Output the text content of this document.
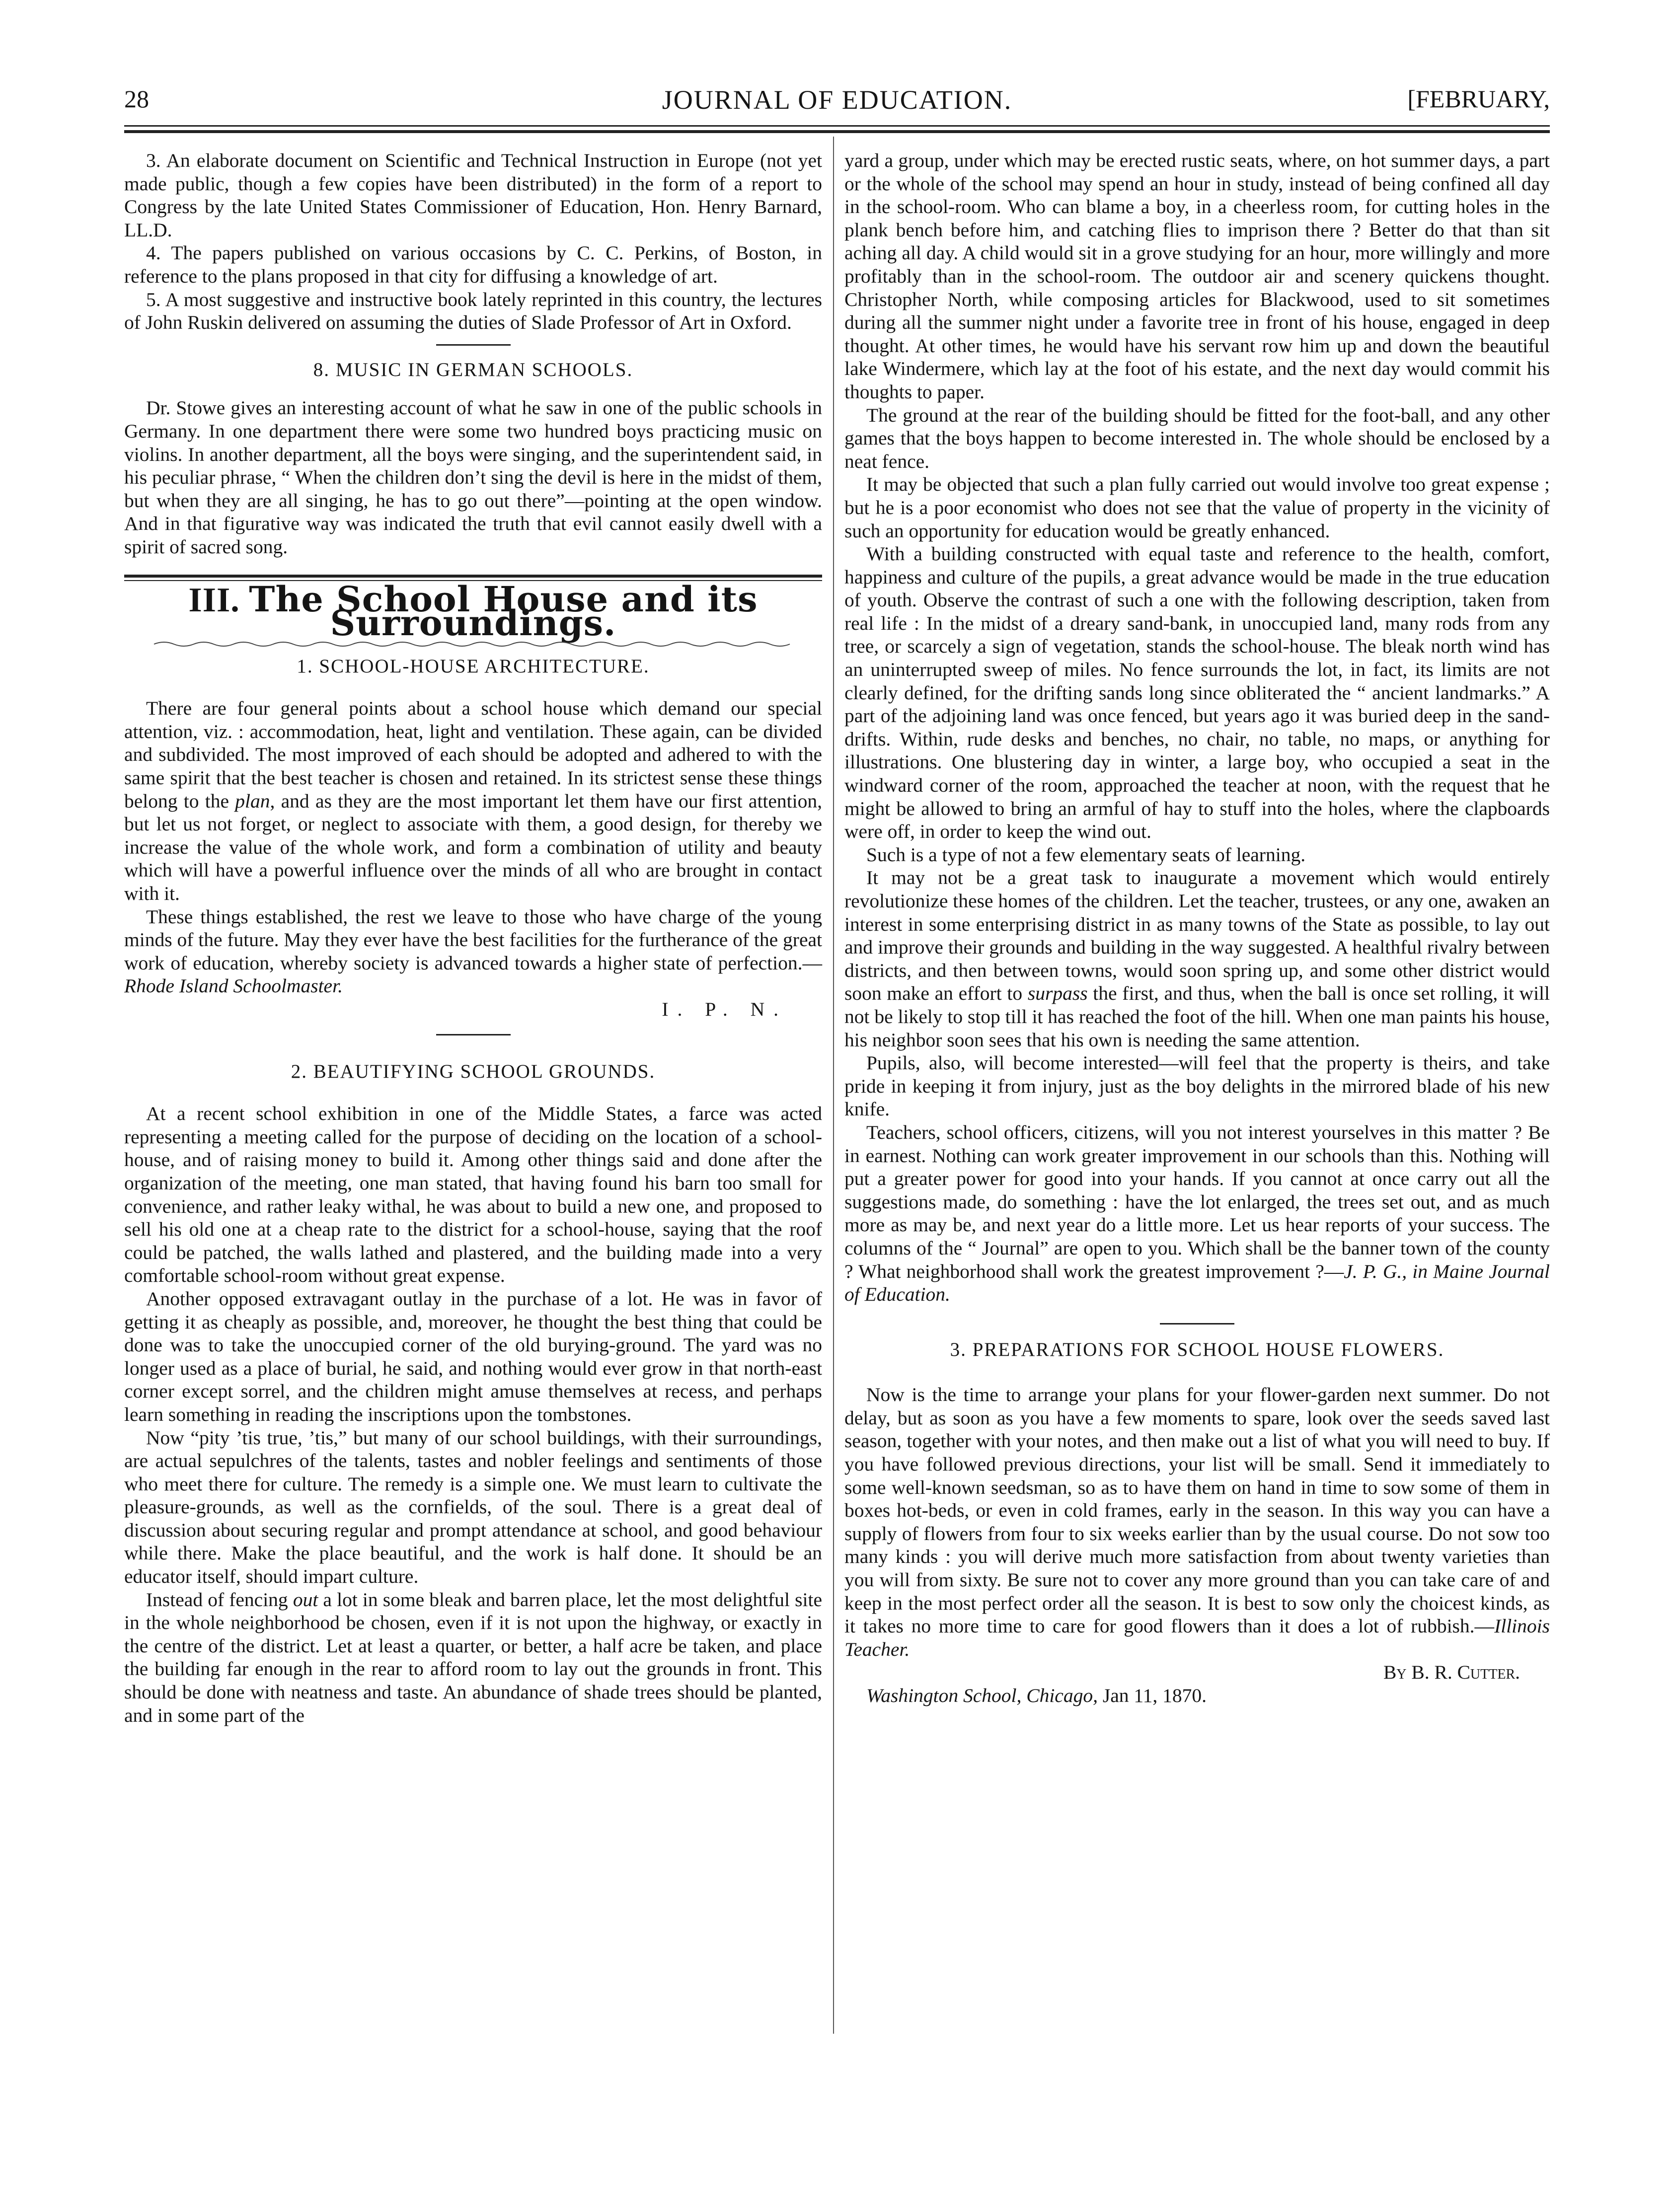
28	JOURNAL OF EDUCATION.	[FEBRUARY,

3. An elaborate document on Scientific and Technical Instruction in Europe (not yet made public, though a few copies have been distributed) in the form of a report to Congress by the late United States Commissioner of Education, Hon. Henry Barnard, LL.D.

4. The papers published on various occasions by C. C. Perkins, of Boston, in reference to the plans proposed in that city for diffusing a knowledge of art.

5. A most suggestive and instructive book lately reprinted in this country, the lectures of John Ruskin delivered on assuming the duties of Slade Professor of Art in Oxford.

8. MUSIC IN GERMAN SCHOOLS.

Dr. Stowe gives an interesting account of what he saw in one of the public schools in Germany. In one department there were some two hundred boys practicing music on violins. In another department, all the boys were singing, and the superintendent said, in his peculiar phrase, “ When the children don’t sing the devil is here in the midst of them, but when they are all singing, he has to go out there”—pointing at the open window. And in that figurative way was indicated the truth that evil cannot easily dwell with a spirit of sacred song.

III. The School House and its Surroundings.
1. SCHOOL-HOUSE ARCHITECTURE.

There are four general points about a school house which demand our special attention, viz. : accommodation, heat, light and ventilation. These again, can be divided and subdivided. The most improved of each should be adopted and adhered to with the same spirit that the best teacher is chosen and retained. In its strictest sense these things belong to the plan, and as they are the most important let them have our first attention, but let us not forget, or neglect to associate with them, a good design, for thereby we increase the value of the whole work, and form a combination of utility and beauty which will have a powerful influence over the minds of all who are brought in contact with it.

These things established, the rest we leave to those who have charge of the young minds of the future. May they ever have the best facilities for the furtherance of the great work of education, whereby society is advanced towards a higher state of perfection.—Rhode Island Schoolmaster.

I. P. N.

2. BEAUTIFYING SCHOOL GROUNDS.

At a recent school exhibition in one of the Middle States, a farce was acted representing a meeting called for the purpose of deciding on the location of a school-house, and of raising money to build it. Among other things said and done after the organization of the meeting, one man stated, that having found his barn too small for convenience, and rather leaky withal, he was about to build a new one, and proposed to sell his old one at a cheap rate to the district for a school-house, saying that the roof could be patched, the walls lathed and plastered, and the building made into a very comfortable school-room without great expense.

Another opposed extravagant outlay in the purchase of a lot. He was in favor of getting it as cheaply as possible, and, moreover, he thought the best thing that could be done was to take the unoccupied corner of the old burying-ground. The yard was no longer used as a place of burial, he said, and nothing would ever grow in that north-east corner except sorrel, and the children might amuse themselves at recess, and perhaps learn something in reading the inscriptions upon the tombstones.

Now “pity ’tis true, ’tis,” but many of our school buildings, with their surroundings, are actual sepulchres of the talents, tastes and nobler feelings and sentiments of those who meet there for culture. The remedy is a simple one. We must learn to cultivate the pleasure-grounds, as well as the cornfields, of the soul. There is a great deal of discussion about securing regular and prompt attendance at school, and good behaviour while there. Make the place beautiful, and the work is half done. It should be an educator itself, should impart culture.

Instead of fencing out a lot in some bleak and barren place, let the most delightful site in the whole neighborhood be chosen, even if it is not upon the highway, or exactly in the centre of the district. Let at least a quarter, or better, a half acre be taken, and place the building far enough in the rear to afford room to lay out the grounds in front. This should be done with neatness and taste. An abundance of shade trees should be planted, and in some part of the

yard a group, under which may be erected rustic seats, where, on hot summer days, a part or the whole of the school may spend an hour in study, instead of being confined all day in the school-room. Who can blame a boy, in a cheerless room, for cutting holes in the plank bench before him, and catching flies to imprison there ? Better do that than sit aching all day. A child would sit in a grove studying for an hour, more willingly and more profitably than in the school-room. The outdoor air and scenery quickens thought. Christopher North, while composing articles for Blackwood, used to sit sometimes during all the summer night under a favorite tree in front of his house, engaged in deep thought. At other times, he would have his servant row him up and down the beautiful lake Windermere, which lay at the foot of his estate, and the next day would commit his thoughts to paper.

The ground at the rear of the building should be fitted for the foot-ball, and any other games that the boys happen to become interested in. The whole should be enclosed by a neat fence.

It may be objected that such a plan fully carried out would involve too great expense ; but he is a poor economist who does not see that the value of property in the vicinity of such an opportunity for education would be greatly enhanced.

With a building constructed with equal taste and reference to the health, comfort, happiness and culture of the pupils, a great advance would be made in the true education of youth. Observe the contrast of such a one with the following description, taken from real life : In the midst of a dreary sand-bank, in unoccupied land, many rods from any tree, or scarcely a sign of vegetation, stands the school-house. The bleak north wind has an uninterrupted sweep of miles. No fence surrounds the lot, in fact, its limits are not clearly defined, for the drifting sands long since obliterated the “ ancient landmarks.” A part of the adjoining land was once fenced, but years ago it was buried deep in the sand-drifts. Within, rude desks and benches, no chair, no table, no maps, or anything for illustrations. One blustering day in winter, a large boy, who occupied a seat in the windward corner of the room, approached the teacher at noon, with the request that he might be allowed to bring an armful of hay to stuff into the holes, where the clapboards were off, in order to keep the wind out.

Such is a type of not a few elementary seats of learning.

It may not be a great task to inaugurate a movement which would entirely revolutionize these homes of the children. Let the teacher, trustees, or any one, awaken an interest in some enterprising district in as many towns of the State as possible, to lay out and improve their grounds and building in the way suggested. A healthful rivalry between districts, and then between towns, would soon spring up, and some other district would soon make an effort to surpass the first, and thus, when the ball is once set rolling, it will not be likely to stop till it has reached the foot of the hill. When one man paints his house, his neighbor soon sees that his own is needing the same attention.

Pupils, also, will become interested—will feel that the property is theirs, and take pride in keeping it from injury, just as the boy delights in the mirrored blade of his new knife.

Teachers, school officers, citizens, will you not interest yourselves in this matter ? Be in earnest. Nothing can work greater improvement in our schools than this. Nothing will put a greater power for good into your hands. If you cannot at once carry out all the suggestions made, do something : have the lot enlarged, the trees set out, and as much more as may be, and next year do a little more. Let us hear reports of your success. The columns of the “ Journal” are open to you. Which shall be the banner town of the county ? What neighborhood shall work the greatest improvement ?—J. P. G., in Maine Journal of Education.

3. PREPARATIONS FOR SCHOOL HOUSE FLOWERS.

Now is the time to arrange your plans for your flower-garden next summer. Do not delay, but as soon as you have a few moments to spare, look over the seeds saved last season, together with your notes, and then make out a list of what you will need to buy. If you have followed previous directions, your list will be small. Send it immediately to some well-known seedsman, so as to have them on hand in time to sow some of them in boxes hot-beds, or even in cold frames, early in the season. In this way you can have a supply of flowers from four to six weeks earlier than by the usual course. Do not sow too many kinds : you will derive much more satisfaction from about twenty varieties than you will from sixty. Be sure not to cover any more ground than you can take care of and keep in the most perfect order all the season. It is best to sow only the choicest kinds, as it takes no more time to care for good flowers than it does a lot of rubbish.—Illinois Teacher.

By B. R. Cutter.

Washington School, Chicago, Jan 11, 1870.
